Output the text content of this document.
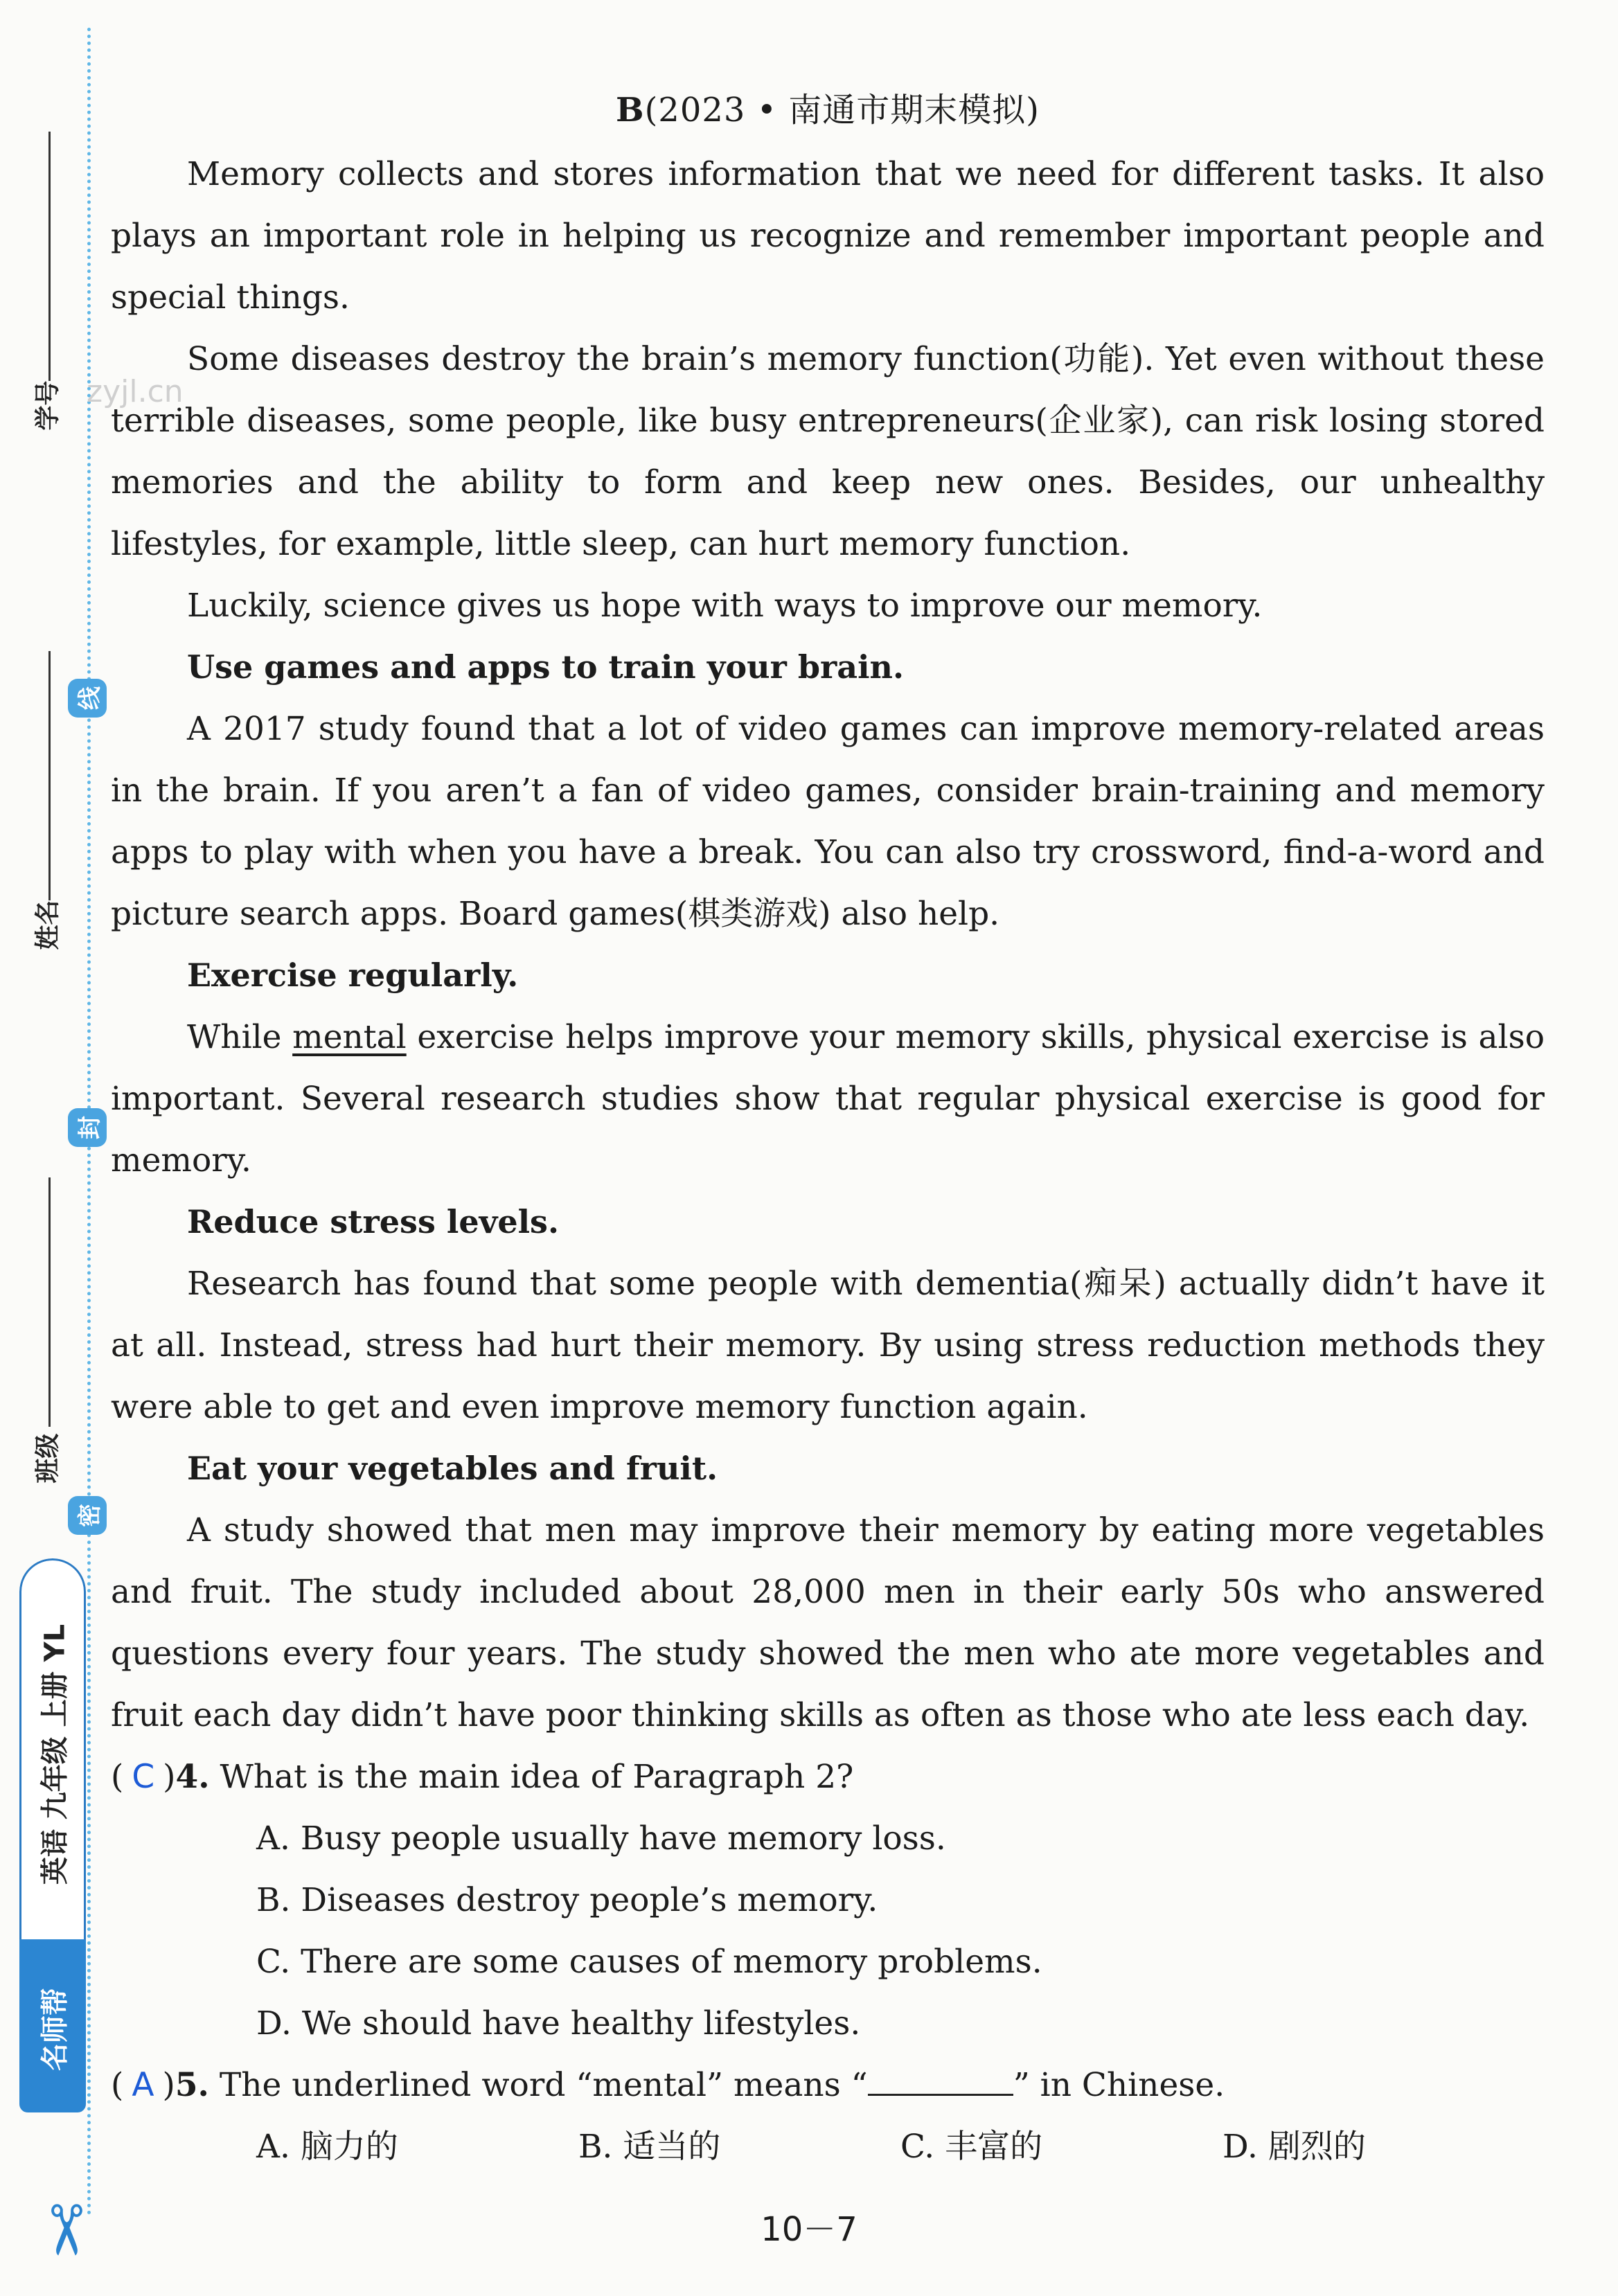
学号
线
姓名
封
班级
密
英语 九年级 上册 YL
名师帮
✂
zyjl.cn
B(2023 • 南通市期末模拟)

Memory collects and stores information that we need for different tasks. It also plays an important role in helping us recognize and remember important people and special things.

Some diseases destroy the brain’s memory function(功能). Yet even without these terrible diseases, some people, like busy entrepreneurs(企业家), can risk losing stored memories and the ability to form and keep new ones. Besides, our unhealthy lifestyles, for example, little sleep, can hurt memory function.

Luckily, science gives us hope with ways to improve our memory.

Use games and apps to train your brain.

A 2017 study found that a lot of video games can improve memory-related areas in the brain. If you aren’t a fan of video games, consider brain-training and memory apps to play with when you have a break. You can also try crossword, find-a-word and picture search apps. Board games(棋类游戏) also help.

Exercise regularly.

While mental exercise helps improve your memory skills, physical exercise is also important. Several research studies show that regular physical exercise is good for memory.

Reduce stress levels.

Research has found that some people with dementia(痴呆) actually didn’t have it at all. Instead, stress had hurt their memory. By using stress reduction methods they were able to get and even improve memory function again.

Eat your vegetables and fruit.

A study showed that men may improve their memory by eating more vegetables and fruit. The study included about 28,000 men in their early 50s who answered questions every four years. The study showed the men who ate more vegetables and fruit each day didn’t have poor thinking skills as often as those who ate less each day.

( C )4. What is the main idea of Paragraph 2?
A. Busy people usually have memory loss.
B. Diseases destroy people’s memory.
C. There are some causes of memory problems.
D. We should have healthy lifestyles.
( A )5. The underlined word “mental” means “	” in Chinese.
A. 脑力的	B. 适当的	C. 丰富的	D. 剧烈的
10－7
